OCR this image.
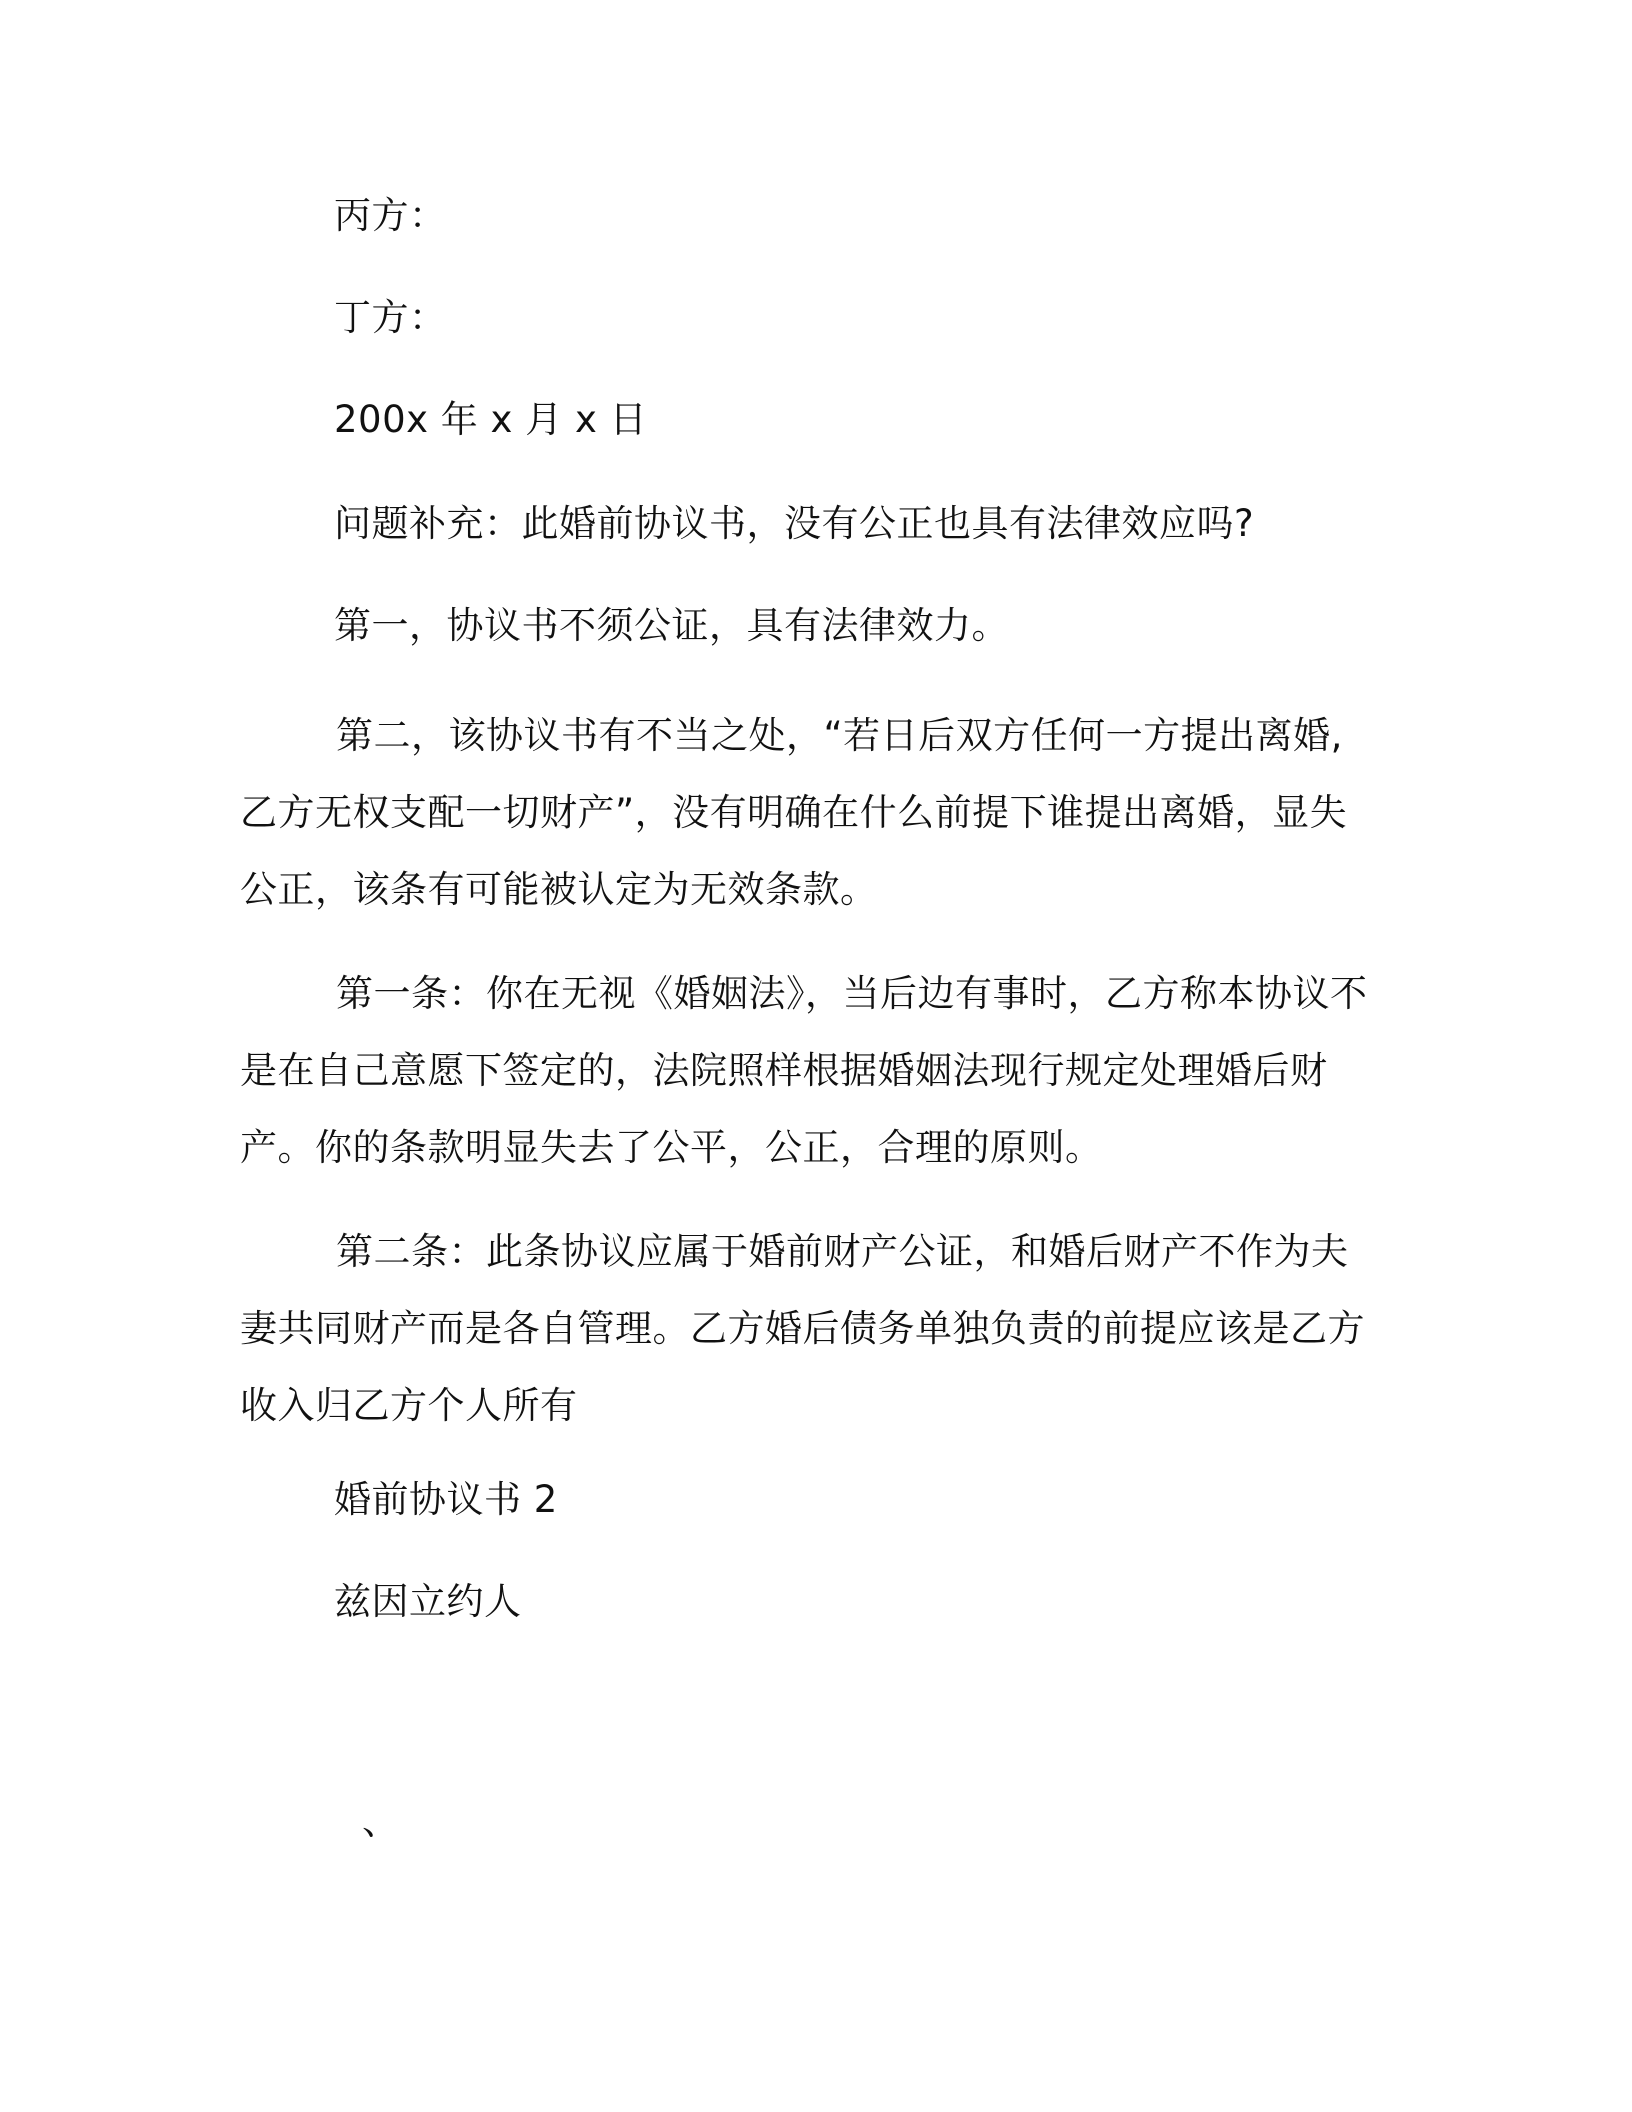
丙方：
丁方：
200x 年 x 月 x 日
问题补充：此婚前协议书，没有公正也具有法律效应吗?
第一，协议书不须公证，具有法律效力。

第二，该协议书有不当之处，“若日后双方任何一方提出离婚,乙方无权支配一切财产”，没有明确在什么前提下谁提出离婚，显失公正，该条有可能被认定为无效条款。

第一条：你在无视《婚姻法》，当后边有事时，乙方称本协议不是在自己意愿下签定的，法院照样根据婚姻法现行规定处理婚后财产。你的条款明显失去了公平，公正，合理的原则。

第二条：此条协议应属于婚前财产公证，和婚后财产不作为夫妻共同财产而是各自管理。乙方婚后债务单独负责的前提应该是乙方收入归乙方个人所有

婚前协议书 2
兹因立约人
、
